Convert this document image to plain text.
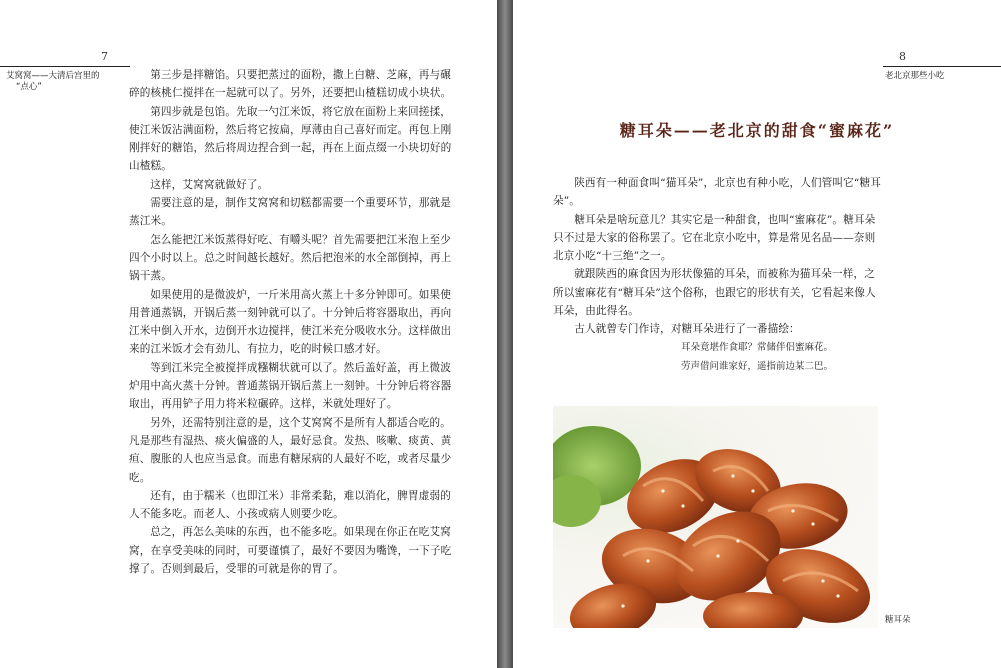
7
艾窝窝——大清后宫里的
“点心”

第三步是拌糖馅。只要把蒸过的面粉，撒上白糖、芝麻，再与碾碎的核桃仁搅拌在一起就可以了。另外，还要把山楂糕切成小块状。

第四步就是包馅。先取一勺江米饭，将它放在面粉上来回搓揉，使江米饭沾满面粉，然后将它按扁，厚薄由自己喜好而定。再包上刚刚拌好的糖馅，然后将周边捏合到一起，再在上面点缀一小块切好的山楂糕。

这样，艾窝窝就做好了。

需要注意的是，制作艾窝窝和切糕都需要一个重要环节，那就是蒸江米。

怎么能把江米饭蒸得好吃、有嚼头呢？首先需要把江米泡上至少四个小时以上。总之时间越长越好。然后把泡米的水全部倒掉，再上锅干蒸。

如果使用的是微波炉，一斤米用高火蒸上十多分钟即可。如果使用普通蒸锅，开锅后蒸一刻钟就可以了。十分钟后将容器取出，再向江米中倒入开水，边倒开水边搅拌，使江米充分吸收水分。这样做出来的江米饭才会有劲儿、有拉力，吃的时候口感才好。

等到江米完全被搅拌成糨糊状就可以了。然后盖好盖，再上微波炉用中高火蒸十分钟。普通蒸锅开锅后蒸上一刻钟。十分钟后将容器取出，再用铲子用力将米粒碾碎。这样，米就处理好了。

另外，还需特别注意的是，这个艾窝窝不是所有人都适合吃的。凡是那些有湿热、痰火偏盛的人，最好忌食。发热、咳嗽、痰黄、黄疸、腹胀的人也应当忌食。而患有糖尿病的人最好不吃，或者尽量少吃。

还有，由于糯米（也即江米）非常柔黏，难以消化，脾胃虚弱的人不能多吃。而老人、小孩或病人则要少吃。

总之，再怎么美味的东西，也不能多吃。如果现在你正在吃艾窝窝，在享受美味的同时，可要谨慎了，最好不要因为嘴馋，一下子吃撑了。否则到最后，受罪的可就是你的胃了。

8
老北京那些小吃
糖耳朵——老北京的甜食“蜜麻花”

陕西有一种面食叫“猫耳朵”，北京也有种小吃，人们管叫它“糖耳朵”。

糖耳朵是啥玩意儿？其实它是一种甜食，也叫“蜜麻花”。糖耳朵只不过是大家的俗称罢了。它在北京小吃中，算是常见名品——奈则北京小吃“十三绝”之一。

就跟陕西的麻食因为形状像猫的耳朵，而被称为猫耳朵一样，之所以蜜麻花有“糖耳朵”这个俗称，也跟它的形状有关，它看起来像人耳朵，由此得名。

古人就曾专门作诗，对糖耳朵进行了一番描绘：

耳朵竟堪作食耶？常储伴侣蜜麻花。
劳声借问谁家好，遥指前边某二巴。
糖耳朵
